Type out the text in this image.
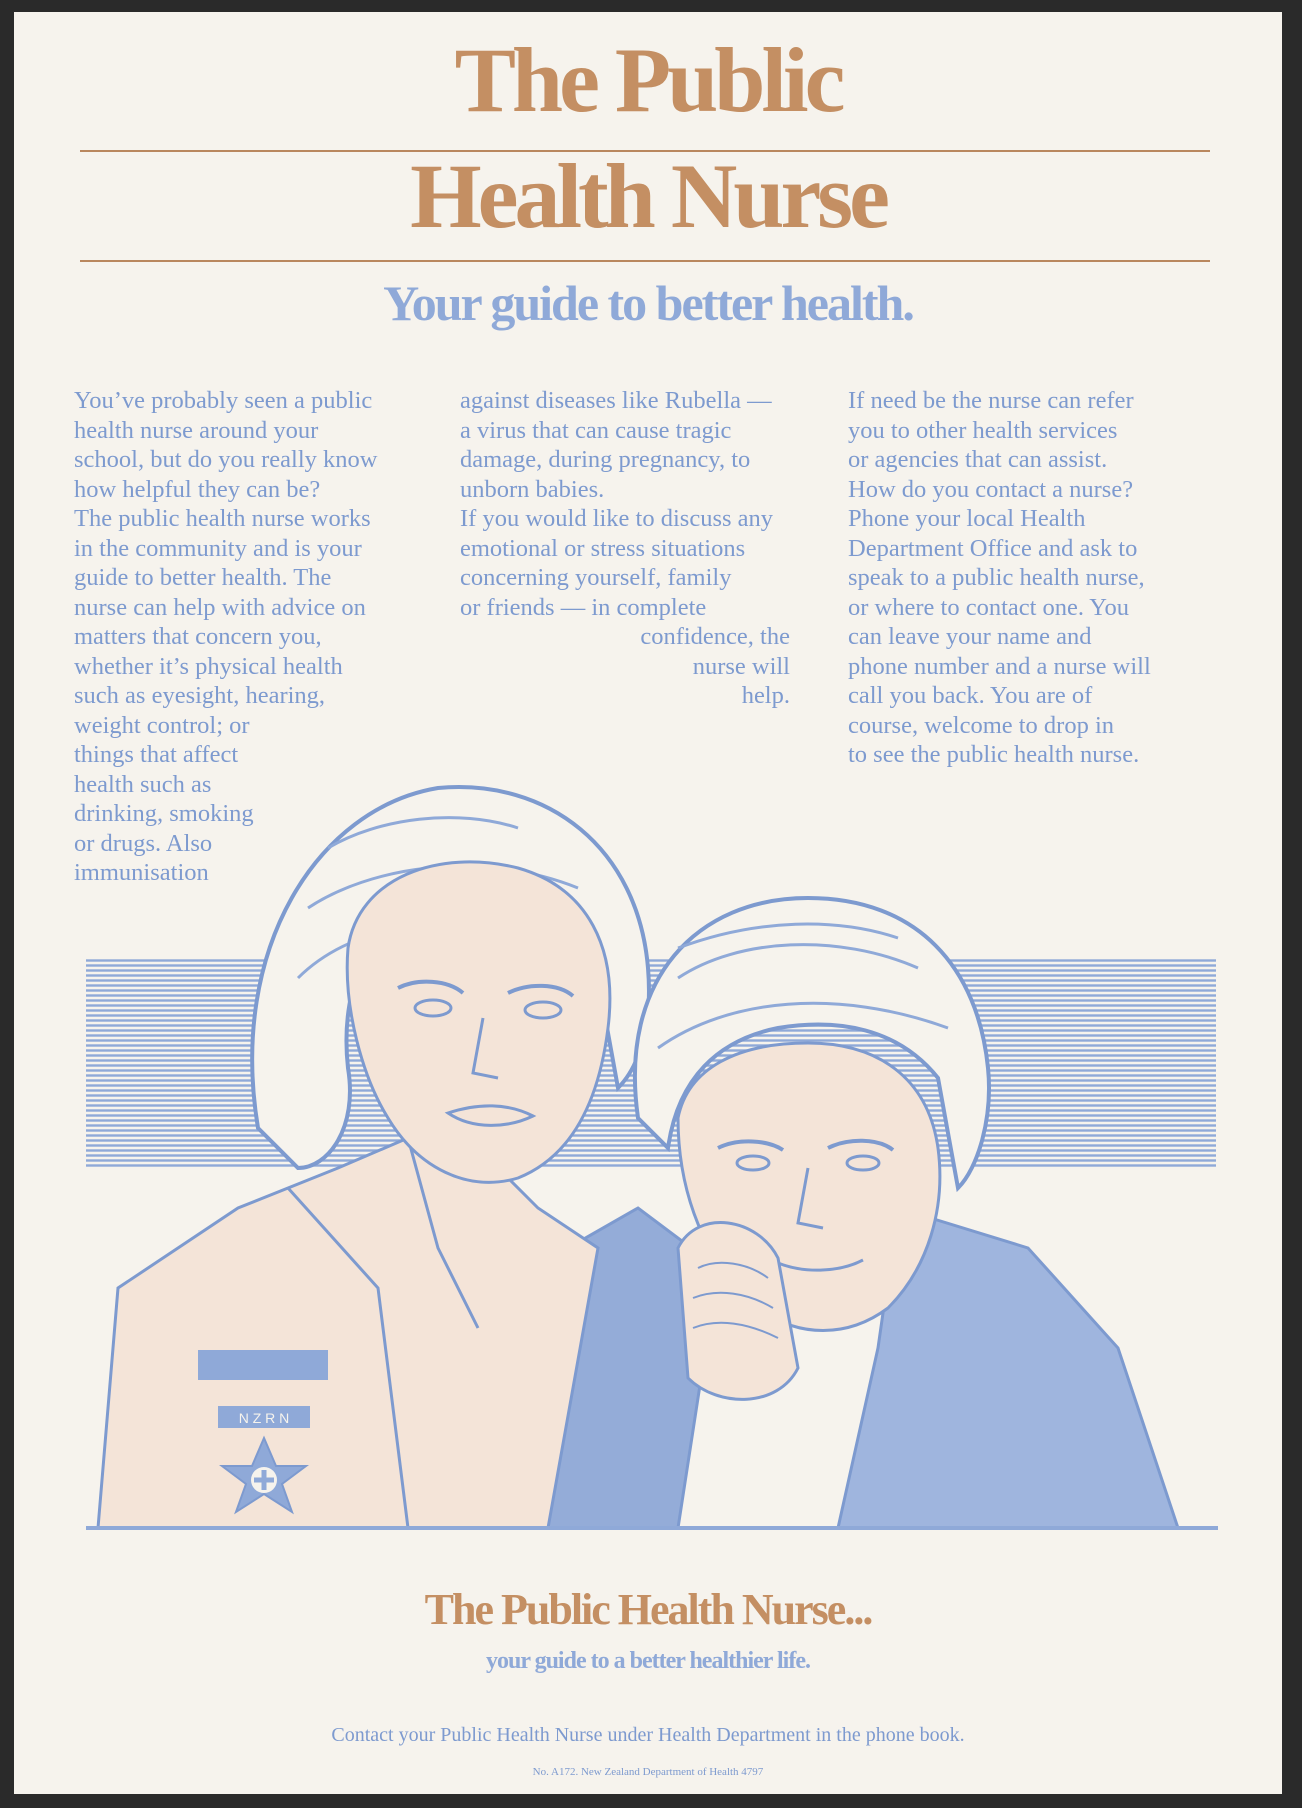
The Public
Health Nurse
Your guide to better health.
N Z R N

You’ve probably seen a public

health nurse around your

school, but do you really know

how helpful they can be?

The public health nurse works

in the community and is your

guide to better health. The

nurse can help with advice on

matters that concern you,

whether it’s physical health

such as eyesight, hearing,

weight control; or

things that affect

health such as

drinking, smoking

or drugs. Also

immunisation

against diseases like Rubella —

a virus that can cause tragic

damage, during pregnancy, to

unborn babies.

If you would like to discuss any

emotional or stress situations

concerning yourself, family

or friends — in complete

confidence, the

nurse will

help.

If need be the nurse can refer

you to other health services

or agencies that can assist.

How do you contact a nurse?

Phone your local Health

Department Office and ask to

speak to a public health nurse,

or where to contact one. You

can leave your name and

phone number and a nurse will

call you back. You are of

course, welcome to drop in

to see the public health nurse.

The Public Health Nurse...

your guide to a better healthier life.

Contact your Public Health Nurse under Health Department in the phone book.

No. A172. New Zealand Department of Health 4797
